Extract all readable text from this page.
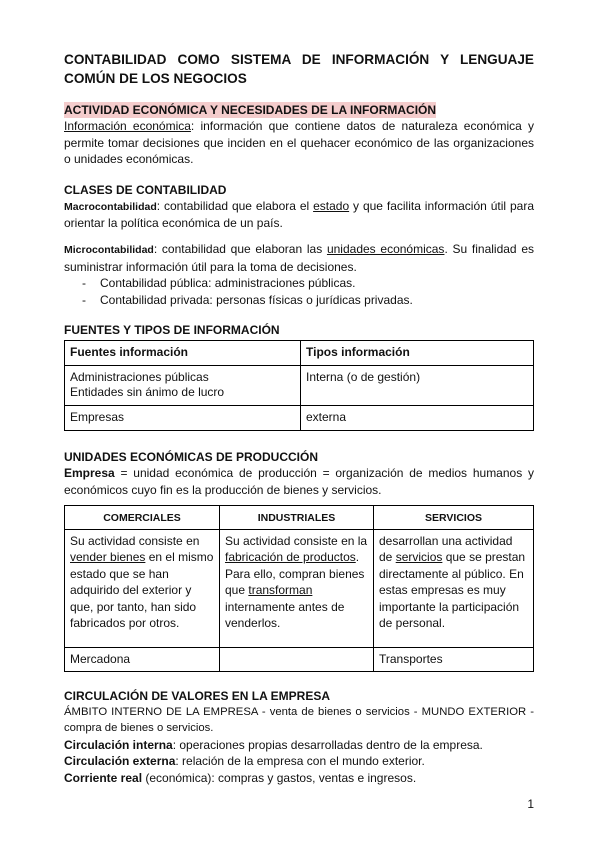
CONTABILIDAD COMO SISTEMA DE INFORMACIÓN Y LENGUAJE COMÚN DE LOS NEGOCIOS

ACTIVIDAD ECONÓMICA Y NECESIDADES DE LA INFORMACIÓN

Información económica: información que contiene datos de naturaleza económica y permite tomar decisiones que inciden en el quehacer económico de las organizaciones o unidades económicas.

CLASES DE CONTABILIDAD

Macrocontabilidad: contabilidad que elabora el estado y que facilita información útil para orientar la política económica de un país.

Microcontabilidad: contabilidad que elaboran las unidades económicas. Su finalidad es suministrar información útil para la toma de decisiones.

- Contabilidad pública: administraciones públicas.
- Contabilidad privada: personas físicas o jurídicas privadas.
FUENTES Y TIPOS DE INFORMACIÓN
Fuentes información	Tipos información

Administraciones públicas
Entidades sin ánimo de lucro	Interna (o de gestión)
Empresas	externa
UNIDADES ECONÓMICAS DE PRODUCCIÓN

Empresa = unidad económica de producción = organización de medios humanos y económicos cuyo fin es la producción de bienes y servicios.

COMERCIALES	INDUSTRIALES	SERVICIOS
Su actividad consiste en vender bienes en el mismo estado que se han adquirido del exterior y que, por tanto, han sido fabricados por otros.	Su actividad consiste en la fabricación de productos. Para ello, compran bienes que transforman internamente antes de venderlos.	desarrollan una actividad de servicios que se prestan directamente al público. En estas empresas es muy importante la participación de personal.
Mercadona		Transportes
CIRCULACIÓN DE VALORES EN LA EMPRESA

ÁMBITO INTERNO DE LA EMPRESA - venta de bienes o servicios - MUNDO EXTERIOR - compra de bienes o servicios.

Circulación interna: operaciones propias desarrolladas dentro de la empresa.

Circulación externa: relación de la empresa con el mundo exterior.

Corriente real (económica): compras y gastos, ventas e ingresos.

1
